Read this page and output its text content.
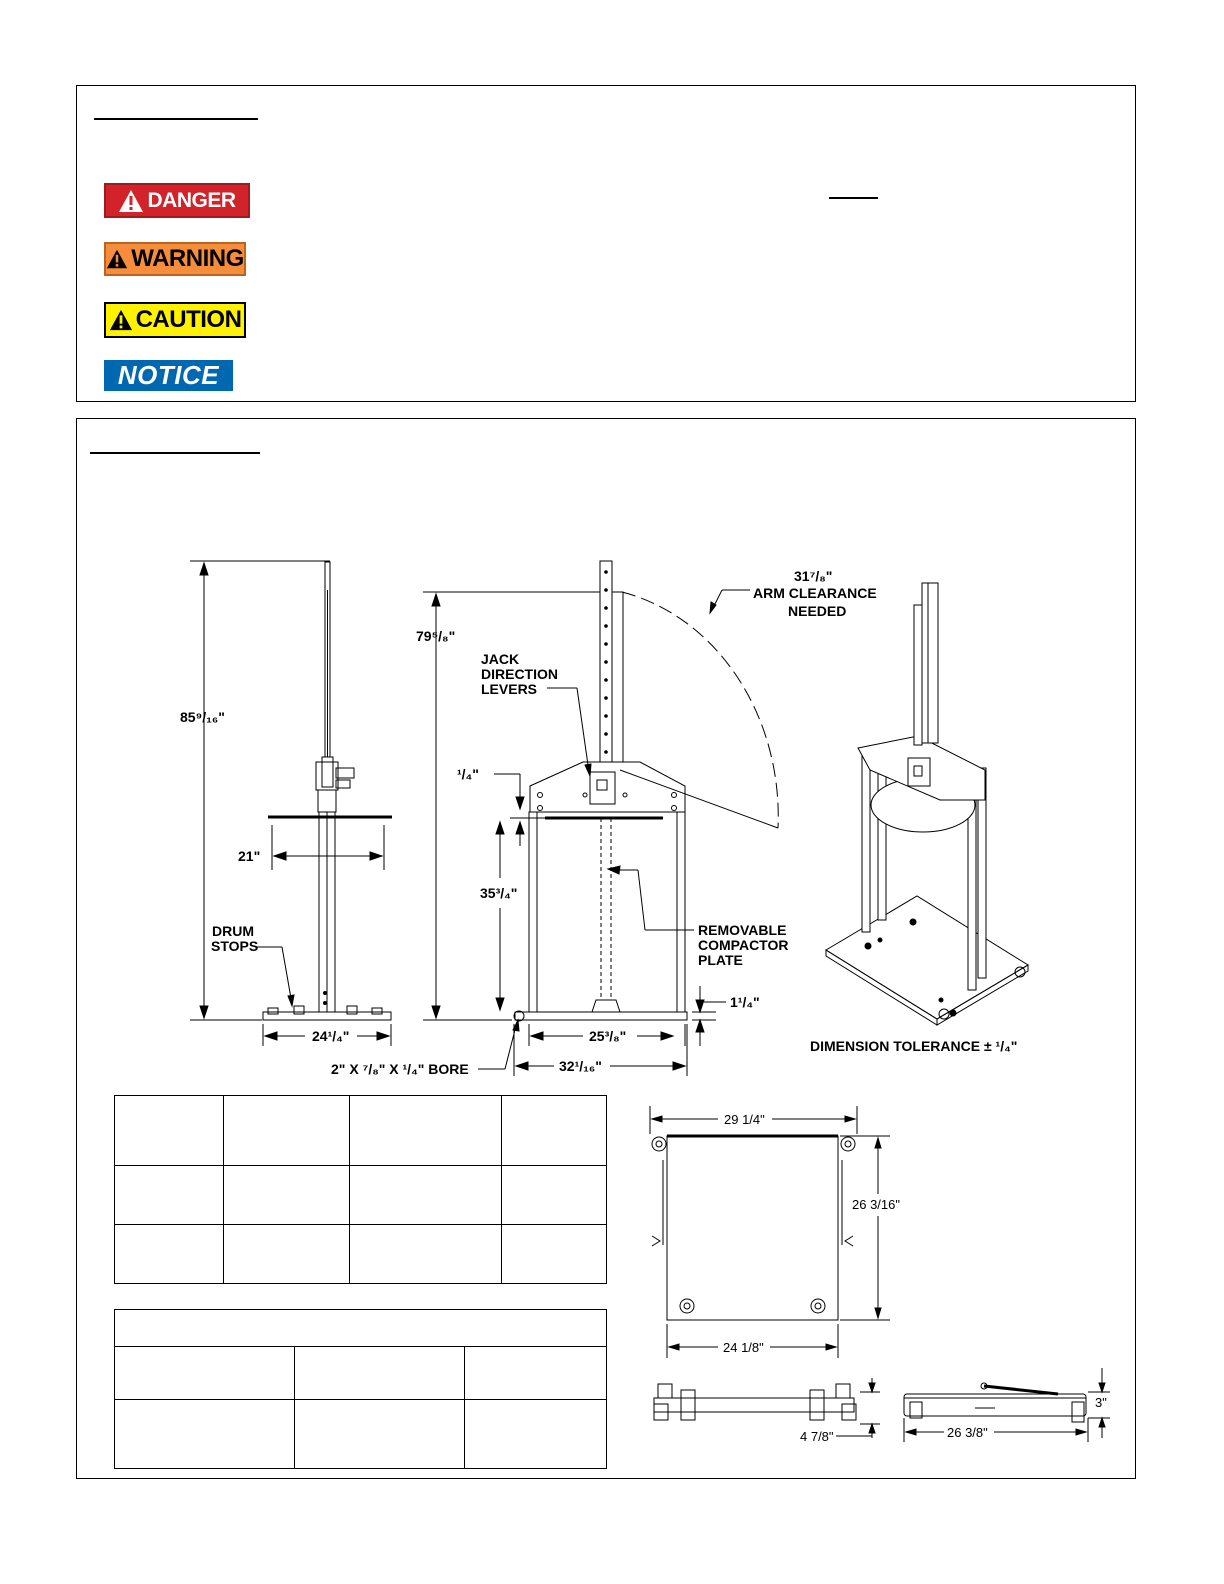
DANGER
WARNING
CAUTION
NOTICE
85⁹/₁₆"
21"
DRUM
STOPS
24¹/₄"
79⁵/₈"
31⁷/₈"
ARM CLEARANCE
NEEDED
JACK
DIRECTION
LEVERS
¹/₄"
35³/₄"
REMOVABLE
COMPACTOR
PLATE
1¹/₄"
25³/₈"
32¹/₁₆"
2" X ⁷/₈" X ¹/₄" BORE
DIMENSION TOLERANCE ± ¹/₄"
29 1/4"
26 3/16"
24 1/8"
4 7/8"
3"
26 3/8"
